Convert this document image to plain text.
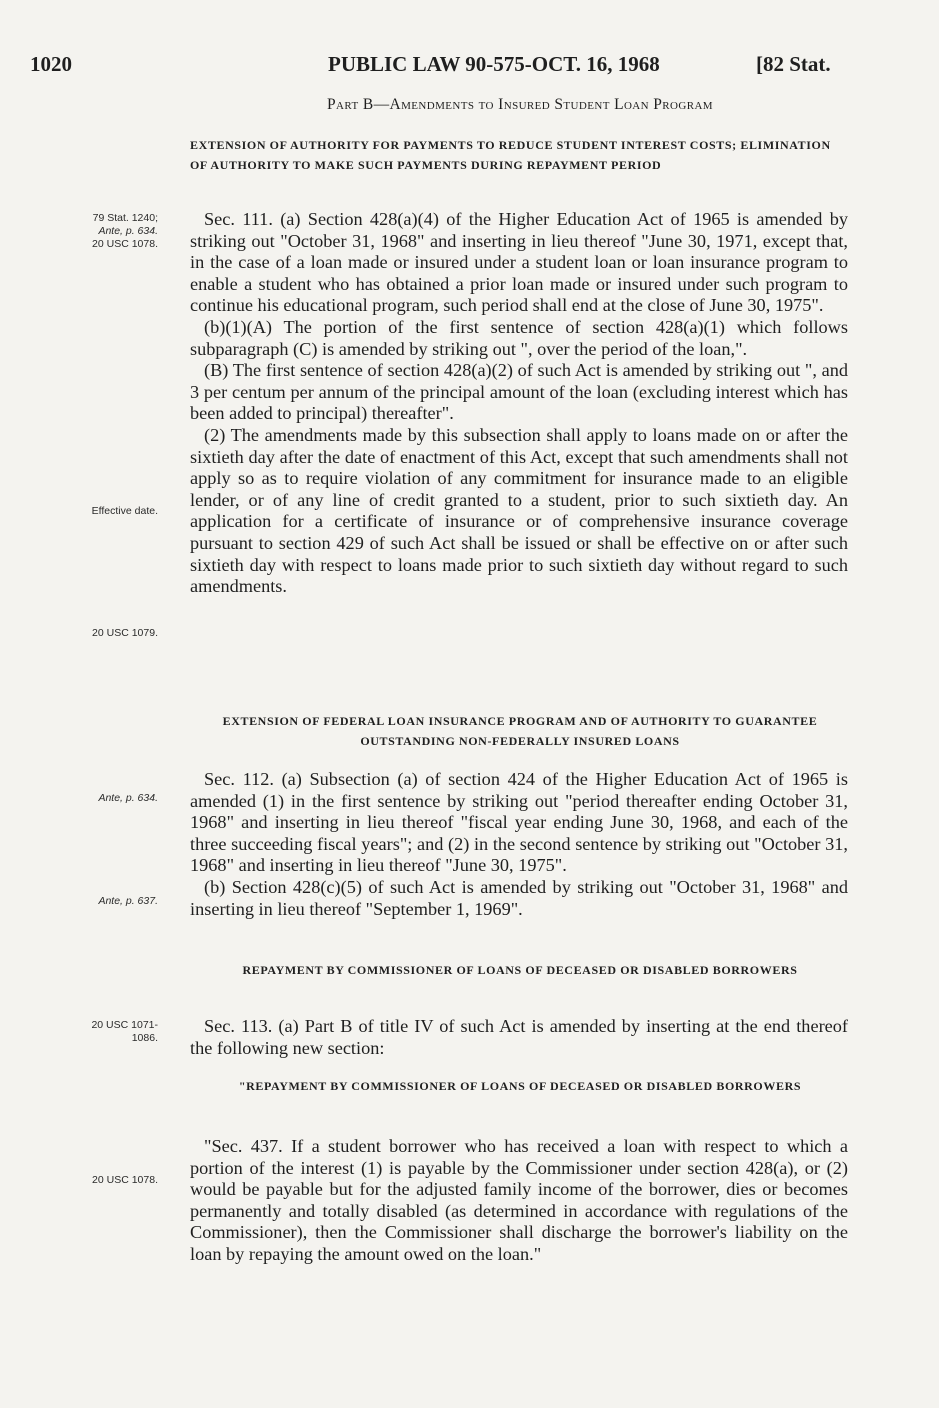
1020	PUBLIC LAW 90-575-OCT. 16, 1968	[82 Stat.
Part B—Amendments to Insured Student Loan Program
EXTENSION OF AUTHORITY FOR PAYMENTS TO REDUCE STUDENT INTEREST COSTS; ELIMINATION OF AUTHORITY TO MAKE SUCH PAYMENTS DURING REPAYMENT PERIOD
79 Stat. 1240;
Ante, p. 634.
20 USC 1078.

Sec. 111. (a) Section 428(a)(4) of the Higher Education Act of 1965 is amended by striking out "October 31, 1968" and inserting in lieu thereof "June 30, 1971, except that, in the case of a loan made or insured under a student loan or loan insurance program to enable a student who has obtained a prior loan made or insured under such program to continue his educational program, such period shall end at the close of June 30, 1975".

(b)(1)(A) The portion of the first sentence of section 428(a)(1) which follows subparagraph (C) is amended by striking out ", over the period of the loan,".

(B) The first sentence of section 428(a)(2) of such Act is amended by striking out ", and 3 per centum per annum of the principal amount of the loan (excluding interest which has been added to principal) thereafter".

(2) The amendments made by this subsection shall apply to loans made on or after the sixtieth day after the date of enactment of this Act, except that such amendments shall not apply so as to require violation of any commitment for insurance made to an eligible lender, or of any line of credit granted to a student, prior to such sixtieth day. An application for a certificate of insurance or of comprehensive insurance coverage pursuant to section 429 of such Act shall be issued or shall be effective on or after such sixtieth day with respect to loans made prior to such sixtieth day without regard to such amendments.

Effective date.
20 USC 1079.
EXTENSION OF FEDERAL LOAN INSURANCE PROGRAM AND OF AUTHORITY TO GUARANTEE OUTSTANDING NON-FEDERALLY INSURED LOANS

Sec. 112. (a) Subsection (a) of section 424 of the Higher Education Act of 1965 is amended (1) in the first sentence by striking out "period thereafter ending October 31, 1968" and inserting in lieu thereof "fiscal year ending June 30, 1968, and each of the three succeeding fiscal years"; and (2) in the second sentence by striking out "October 31, 1968" and inserting in lieu thereof "June 30, 1975".

(b) Section 428(c)(5) of such Act is amended by striking out "October 31, 1968" and inserting in lieu thereof "September 1, 1969".

Ante, p. 634.
Ante, p. 637.
REPAYMENT BY COMMISSIONER OF LOANS OF DECEASED OR DISABLED BORROWERS
20 USC 1071-
1086.

Sec. 113. (a) Part B of title IV of such Act is amended by inserting at the end thereof the following new section:

"REPAYMENT BY COMMISSIONER OF LOANS OF DECEASED OR DISABLED BORROWERS

"Sec. 437. If a student borrower who has received a loan with respect to which a portion of the interest (1) is payable by the Commissioner under section 428(a), or (2) would be payable but for the adjusted family income of the borrower, dies or becomes permanently and totally disabled (as determined in accordance with regulations of the Commissioner), then the Commissioner shall discharge the borrower's liability on the loan by repaying the amount owed on the loan."

20 USC 1078.
